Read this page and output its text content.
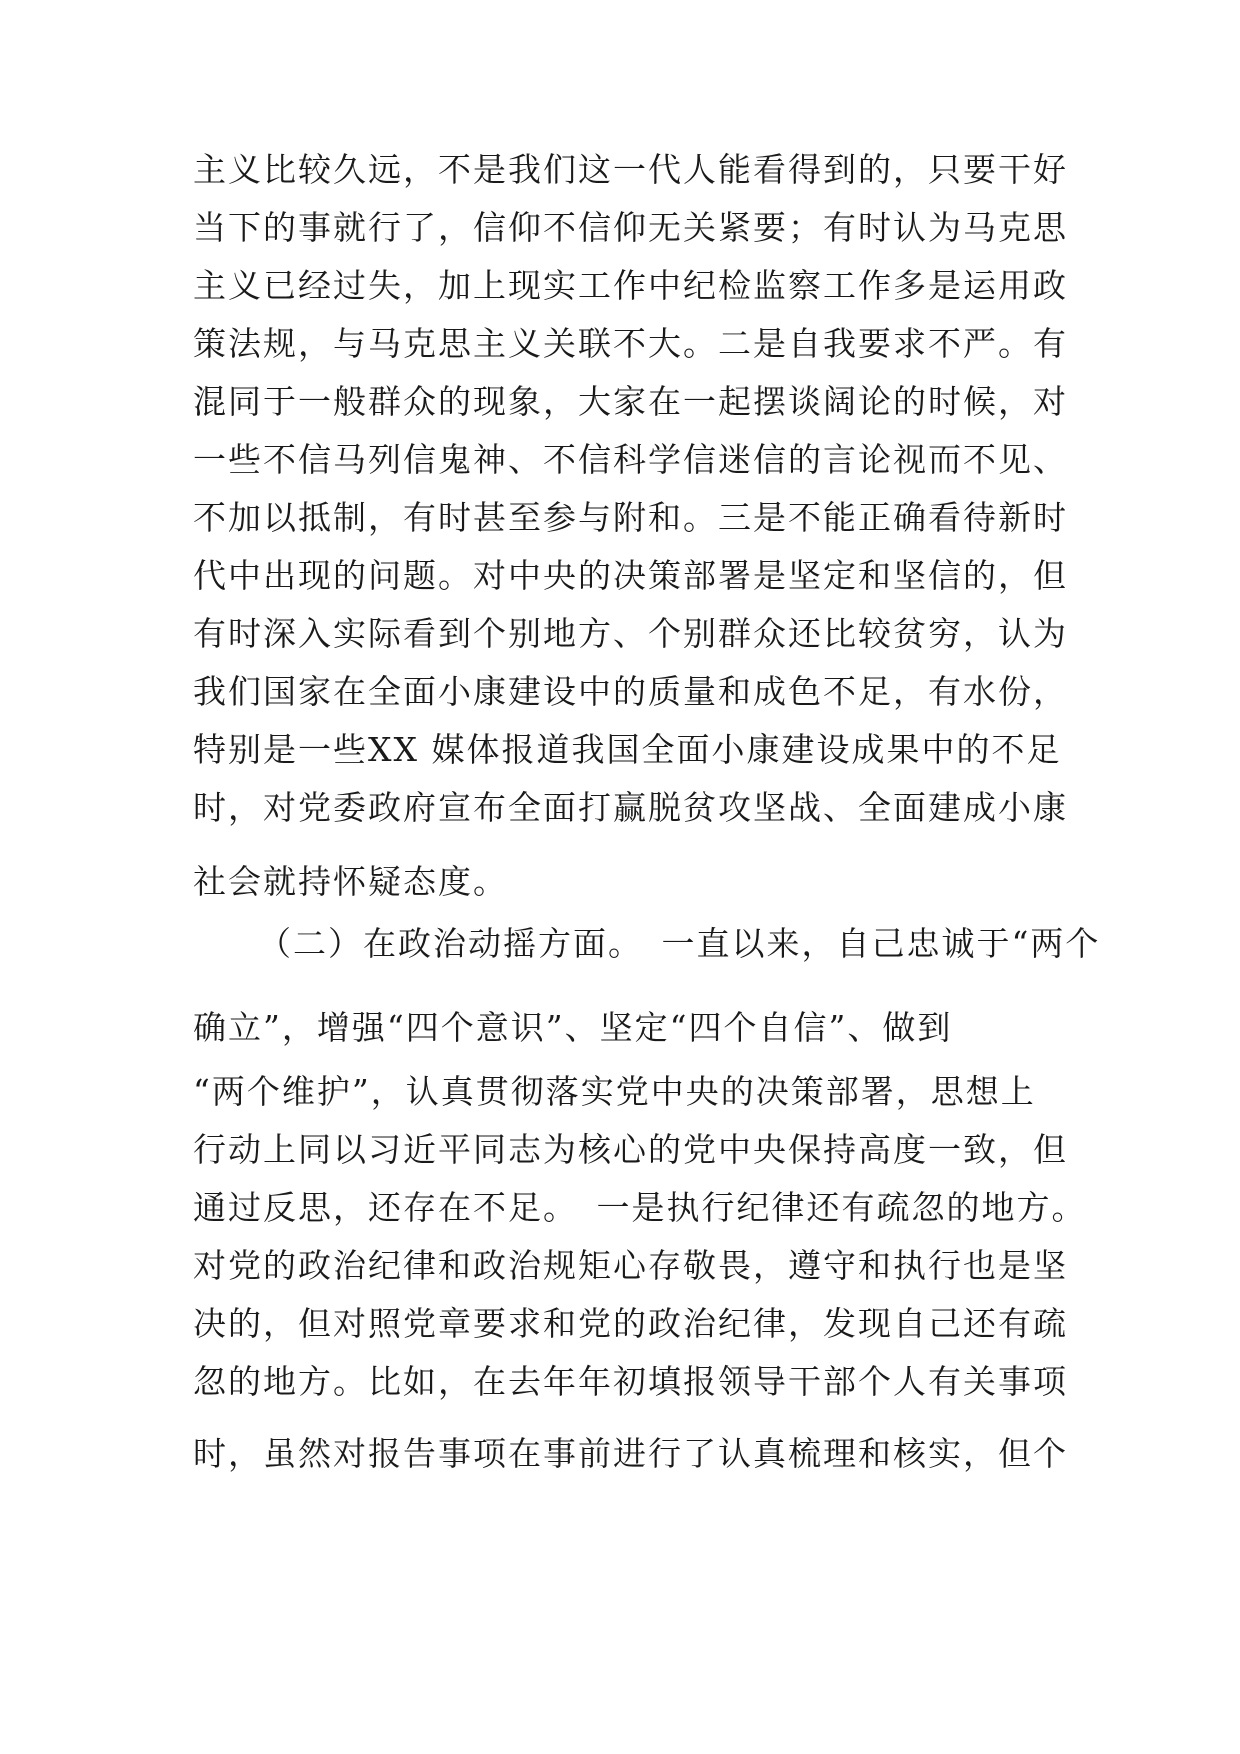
主义比较久远，不是我们这一代人能看得到的，只要干好
当下的事就行了，信仰不信仰无关紧要；有时认为马克思
主义已经过失，加上现实工作中纪检监察工作多是运用政
策法规，与马克思主义关联不大。二是自我要求不严。有
混同于一般群众的现象，大家在一起摆谈阔论的时候，对
一些不信马列信鬼神、不信科学信迷信的言论视而不见、
不加以抵制，有时甚至参与附和。三是不能正确看待新时
代中出现的问题。对中央的决策部署是坚定和坚信的，但
有时深入实际看到个别地方、个别群众还比较贫穷，认为
我们国家在全面小康建设中的质量和成色不足，有水份，
特别是一些XX 媒体报道我国全面小康建设成果中的不足
时，对党委政府宣布全面打赢脱贫攻坚战、全面建成小康
社会就持怀疑态度。
（二）在政治动摇方面。　一直以来，自己忠诚于“两个
确立”，增强“四个意识”、坚定“四个自信”、做到
“两个维护”，认真贯彻落实党中央的决策部署，思想上
行动上同以习近平同志为核心的党中央保持高度一致，但
通过反思，还存在不足。　一是执行纪律还有疏忽的地方。
对党的政治纪律和政治规矩心存敬畏，遵守和执行也是坚
决的，但对照党章要求和党的政治纪律，发现自己还有疏
忽的地方。比如，在去年年初填报领导干部个人有关事项
时，虽然对报告事项在事前进行了认真梳理和核实，但个
